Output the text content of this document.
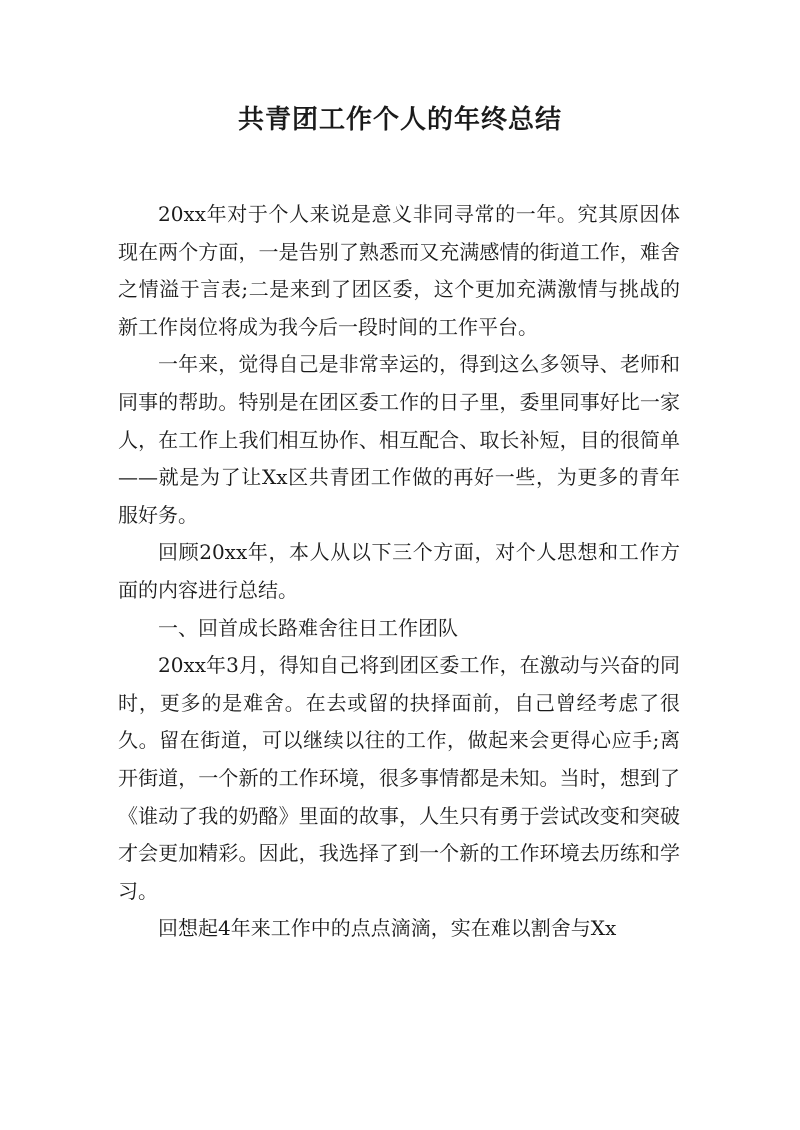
共青团工作个人的年终总结

20xx年对于个人来说是意义非同寻常的一年。究其原因体现在两个方面，一是告别了熟悉而又充满感情的街道工作，难舍之情溢于言表;二是来到了团区委，这个更加充满激情与挑战的新工作岗位将成为我今后一段时间的工作平台。

一年来，觉得自己是非常幸运的，得到这么多领导、老师和同事的帮助。特别是在团区委工作的日子里，委里同事好比一家人，在工作上我们相互协作、相互配合、取长补短，目的很简单——就是为了让Xx区共青团工作做的再好一些，为更多的青年服好务。

回顾20xx年，本人从以下三个方面，对个人思想和工作方面的内容进行总结。

一、回首成长路难舍往日工作团队

20xx年3月，得知自己将到团区委工作，在激动与兴奋的同时，更多的是难舍。在去或留的抉择面前，自己曾经考虑了很久。留在街道，可以继续以往的工作，做起来会更得心应手;离开街道，一个新的工作环境，很多事情都是未知。当时，想到了《谁动了我的奶酪》里面的故事，人生只有勇于尝试改变和突破才会更加精彩。因此，我选择了到一个新的工作环境去历练和学习。

回想起4年来工作中的点点滴滴，实在难以割舍与Xx
